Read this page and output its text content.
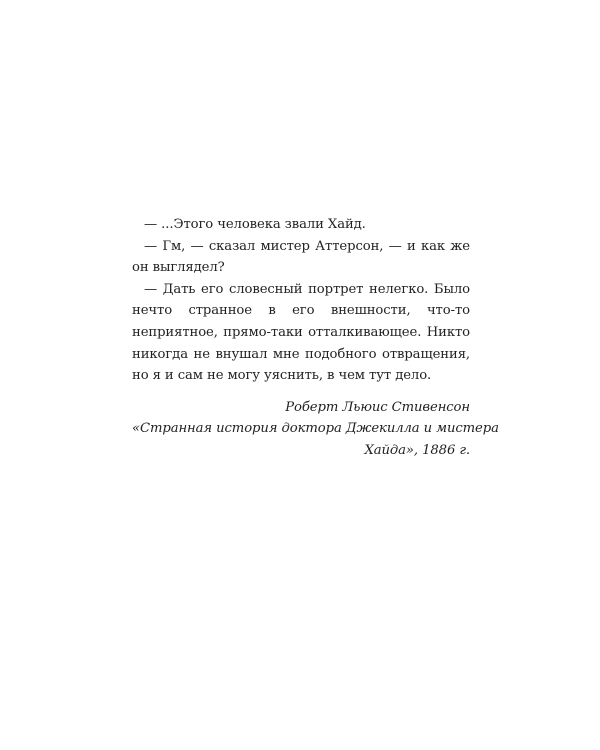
— ...Этого человека звали Хайд.

— Гм, — сказал мистер Аттерсон, — и как же он выглядел?

— Дать его словесный портрет нелегко. Было нечто странное в его внешности, что-то неприятное, прямо-таки отталкивающее. Никто никогда не внушал мне подобного отвращения, но я и сам не могу уяснить, в чем тут дело.

Роберт Льюис Стивенсон
«Странная история доктора Джекилла и мистера
Хайда», 1886 г.
